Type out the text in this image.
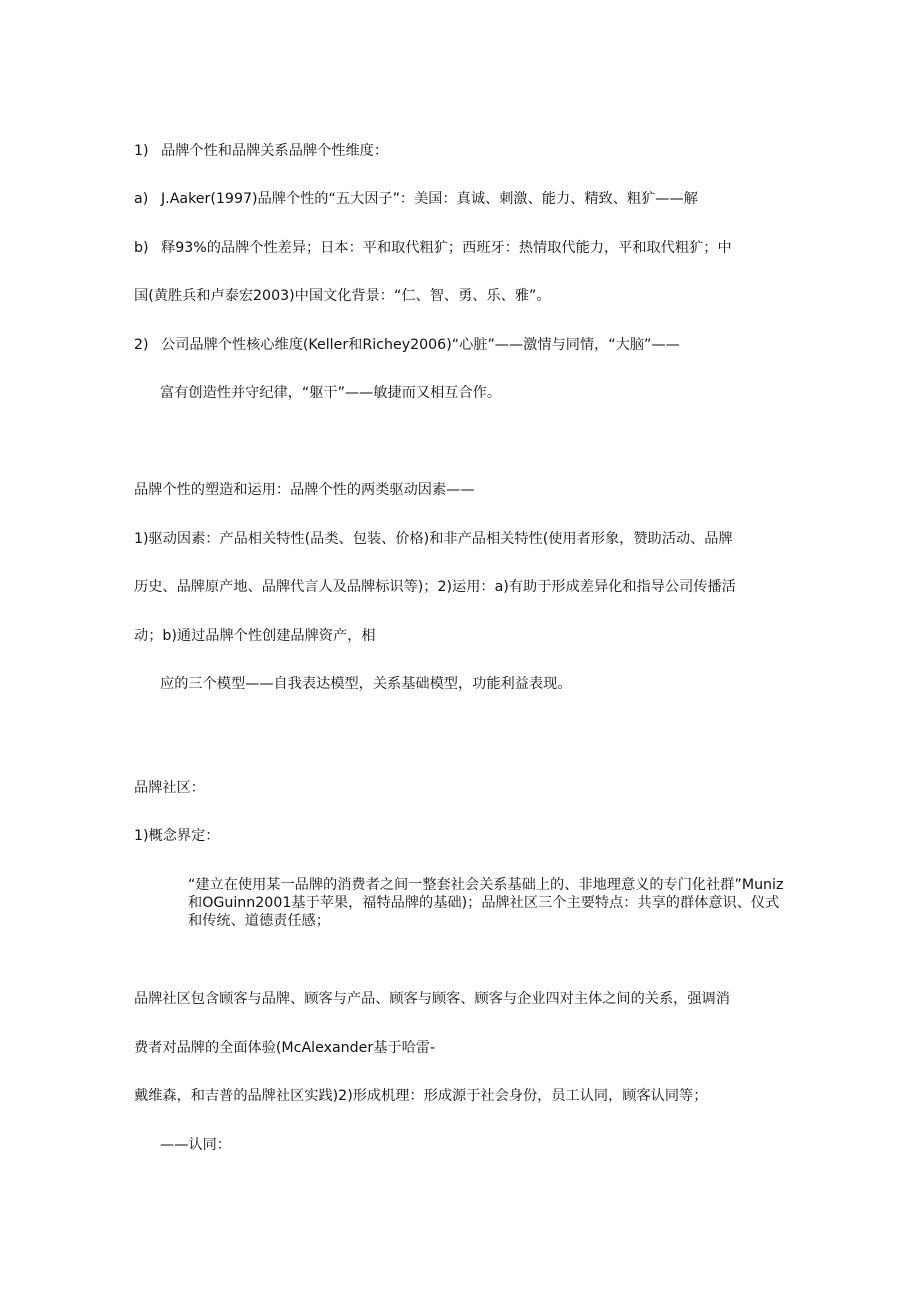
1) 品牌个性和品牌关系品牌个性维度：

a) J.Aaker(1997)品牌个性的“五大因子”：美国：真诚、刺激、能力、精致、粗犷——解

b) 释93%的品牌个性差异；日本：平和取代粗犷；西班牙：热情取代能力，平和取代粗犷；中

国(黄胜兵和卢泰宏2003)中国文化背景：“仁、智、勇、乐、雅”。

2) 公司品牌个性核心维度(Keller和Richey2006)“心脏”——激情与同情，“大脑”——

富有创造性并守纪律，“躯干”——敏捷而又相互合作。

品牌个性的塑造和运用：品牌个性的两类驱动因素——

1)驱动因素：产品相关特性(品类、包装、价格)和非产品相关特性(使用者形象，赞助活动、品牌

历史、品牌原产地、品牌代言人及品牌标识等)；2)运用：a)有助于形成差异化和指导公司传播活

动；b)通过品牌个性创建品牌资产，相

应的三个模型——自我表达模型，关系基础模型，功能利益表现。

品牌社区：

1)概念界定：

“建立在使用某一品牌的消费者之间一整套社会关系基础上的、非地理意义的专门化社群”Muniz和OGuinn2001基于苹果，福特品牌的基础)；品牌社区三个主要特点：共享的群体意识、仪式和传统、道德责任感；

品牌社区包含顾客与品牌、顾客与产品、顾客与顾客、顾客与企业四对主体之间的关系，强调消

费者对品牌的全面体验(McAlexander基于哈雷-

戴维森，和吉普的品牌社区实践)2)形成机理：形成源于社会身份，员工认同，顾客认同等；

——认同：
